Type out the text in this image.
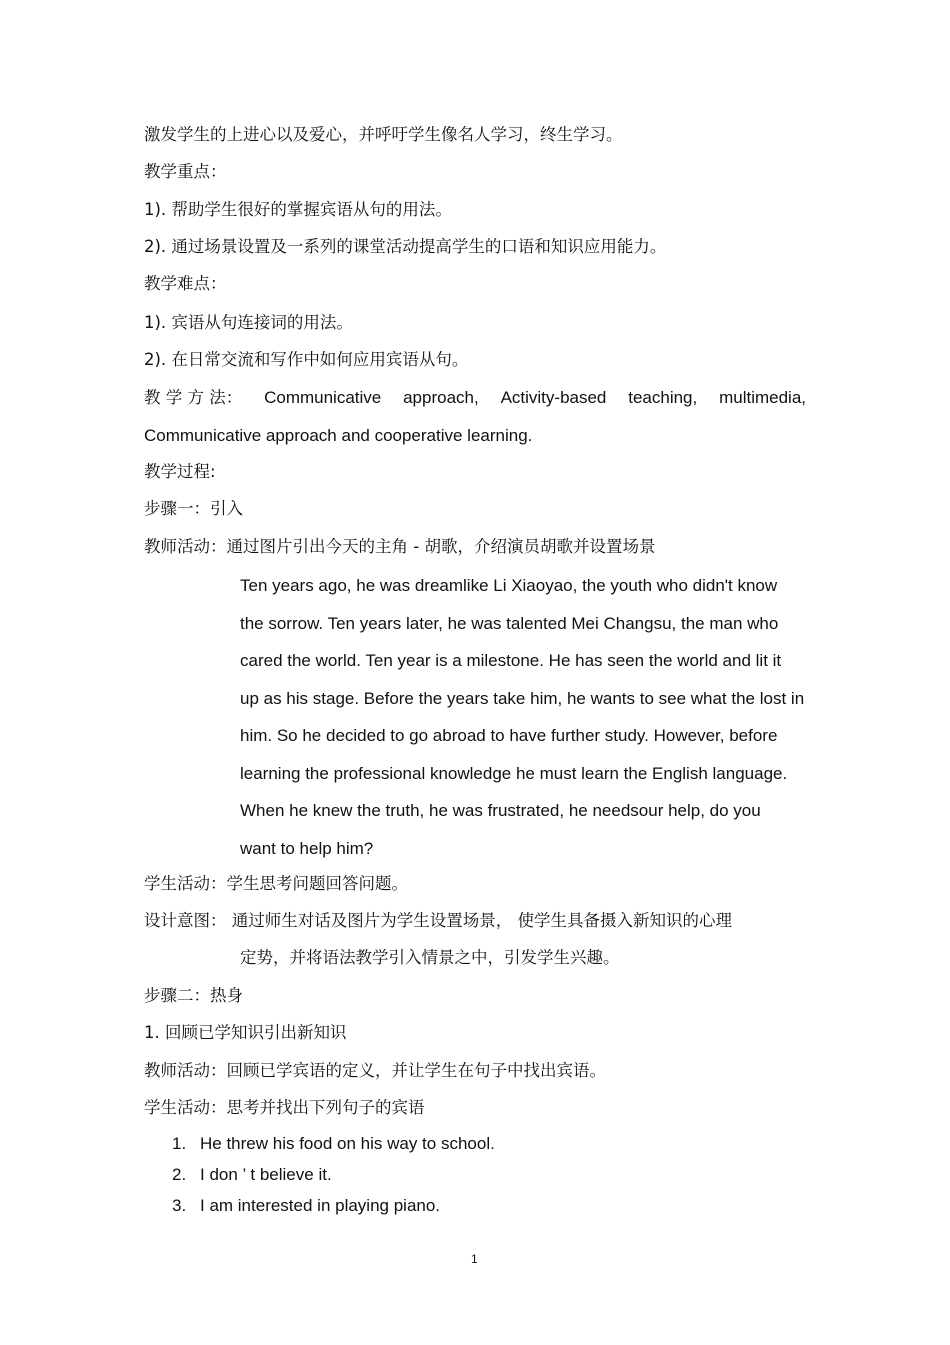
激发学生的上进心以及爱心，并呼吁学生像名人学习，终生学习。
教学重点：
1). 帮助学生很好的掌握宾语从句的用法。
2). 通过场景设置及一系列的课堂活动提高学生的口语和知识应用能力。
教学难点：
1). 宾语从句连接词的用法。
2). 在日常交流和写作中如何应用宾语从句。
教 学 方 法： Communicative approach, Activity-based teaching, multimedia,
Communicative approach and cooperative learning.
教学过程:
步骤一：引入
教师活动：通过图片引出今天的主角 - 胡歌，介绍演员胡歌并设置场景
Ten years ago, he was dreamlike Li Xiaoyao, the youth who didn't know
the sorrow. Ten years later, he was talented Mei Changsu, the man who
cared the world. Ten year is a milestone. He has seen the world and lit it
up as his stage. Before the years take him, he wants to see what the lost in
him. So he decided to go abroad to have further study. However, before
learning the professional knowledge he must learn the English language.
When he knew the truth, he was frustrated, he needsour help, do you
want to help him?
学生活动：学生思考问题回答问题。
设计意图： 通过师生对话及图片为学生设置场景， 使学生具备摄入新知识的心理
定势，并将语法教学引入情景之中，引发学生兴趣。
步骤二：热身
1. 回顾已学知识引出新知识
教师活动：回顾已学宾语的定义，并让学生在句子中找出宾语。
学生活动：思考并找出下列句子的宾语
1. He threw his food on his way to school.
2. I don ’ t believe it.
3. I am interested in playing piano.
1
